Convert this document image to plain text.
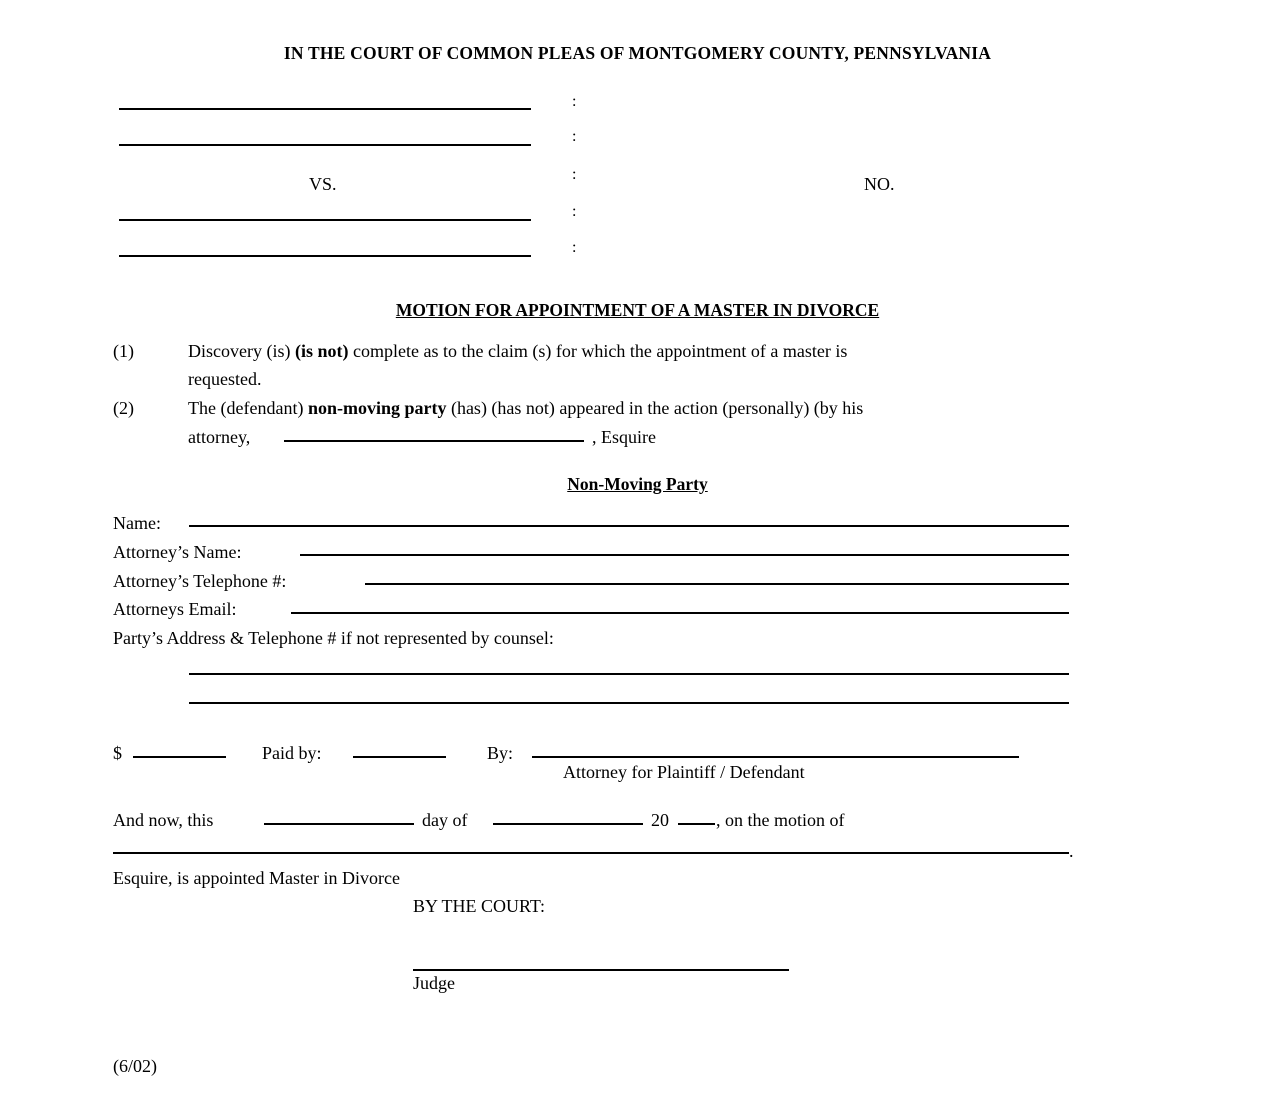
IN THE COURT OF COMMON PLEAS OF MONTGOMERY COUNTY, PENNSYLVANIA
VS.
:
:
:
:
:
NO.
MOTION FOR APPOINTMENT OF A MASTER IN DIVORCE
(1)	Discovery (is) (is not) complete as to the claim (s) for which the appointment of a master is
requested.
(2)	The (defendant) non-moving party (has) (has not) appeared in the action (personally) (by his
attorney,	, Esquire
Non-Moving Party
Name:
Attorney’s Name:
Attorney’s Telephone #:
Attorneys Email:
Party’s Address & Telephone # if not represented by counsel:
$	Paid by:	By:
Attorney for Plaintiff / Defendant
And now, this	day of	20	, on the motion of
.
Esquire, is appointed Master in Divorce
BY THE COURT:
Judge
(6/02)
